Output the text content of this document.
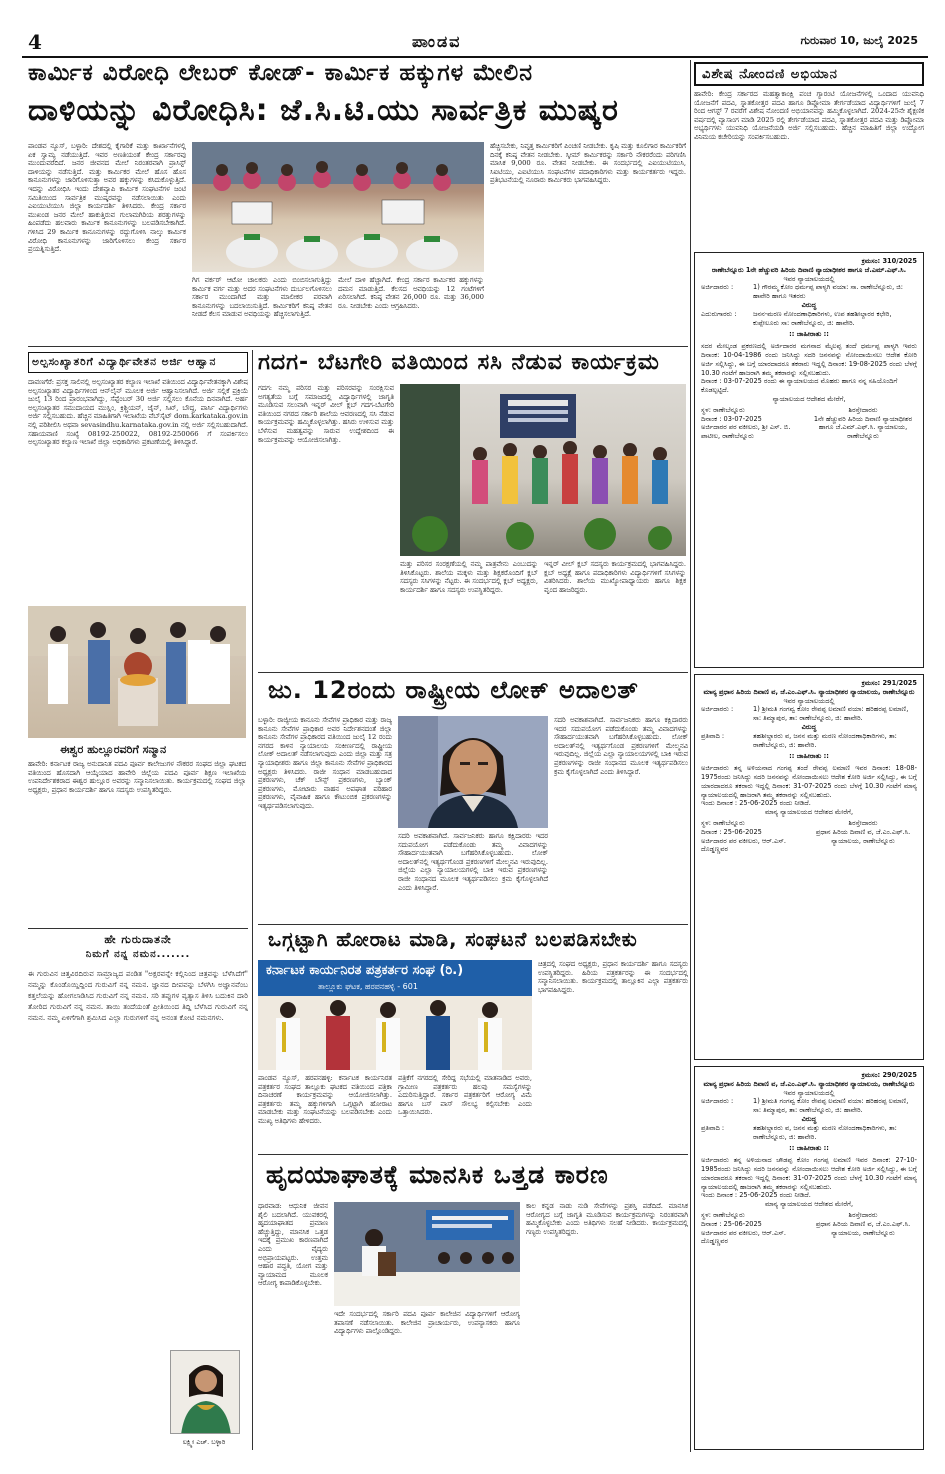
4	ಪಾಂಡವ	ಗುರುವಾರ 10, ಜುಲೈ 2025
ಕಾರ್ಮಿಕ ವಿರೋಧಿ ಲೇಬರ್ ಕೋಡ್- ಕಾರ್ಮಿಕ ಹಕ್ಕುಗಳ ಮೇಲಿನ
ದಾಳಿಯನ್ನು ವಿರೋಧಿಸಿ: ಜೆ.ಸಿ.ಟಿ.ಯು ಸಾರ್ವತ್ರಿಕ ಮುಷ್ಕರ
ಪಾಂಡವ ನ್ಯೂಸ್, ಬಳ್ಳಾರಿ: ದೇಶದಲ್ಲಿ ಕೈಗಾರಿಕೆ ಮತ್ತು ಕಾರ್ಖಾನೆಗಳಲ್ಲಿ ಏಕ ಸ್ವಾಮ್ಯ ನಡೆಯುತ್ತಿದೆ. ಇವರ ಅಣತಿಯಂತೆ ಕೇಂದ್ರ ಸರ್ಕಾರವು ಮುಂದುವರೆದಿದೆ. ಜನರ ಜೀವನದ ಮೇಲೆ ನಿರಂತರವಾಗಿ ಪ್ರಾಸಿಸ್ಟ್ ದಾಳಿಯನ್ನು ನಡೆಸುತ್ತಿದೆ. ಮತ್ತು ಕಾರ್ಮಿಕರ ಮೇಲೆ ಹೊಸ ಹೊಸ ಕಾನೂನುಗಳನ್ನು ಜಾರಿಗೊಳಿಸುತ್ತಾ ಅವರ ಹಕ್ಕುಗಳನ್ನು ಕಸಿದುಕೊಳ್ಳುತ್ತಿದೆ. ಇದನ್ನು ವಿರೋಧಿಸಿ ಇಂದು ದೇಶವ್ಯಾಪಿ ಕಾರ್ಮಿಕ ಸಂಘಟನೆಗಳ ಜಂಟಿ ಸಮಿತಿಯಿಂದ ಸಾರ್ವತ್ರಿಕ ಮುಷ್ಕರವನ್ನು ನಡೆಸಲಾಯಿತು ಎಂದು ಎಐಯುಟಿಯುಸಿ ಜಿಲ್ಲಾ ಕಾರ್ಯದರ್ಶಿ ತಿಳಿಸಿದರು. ಕೇಂದ್ರ ಸರ್ಕಾರ ಮುಖಂಡ ಜನರ ಮೇಲೆ ಹಾಕುತ್ತಿರುವ ಗುಲಾಮಗಿರಿಯ ಶರತ್ತುಗಳನ್ನು ಹಿಂಪಡೆದು ಹಲವಾರು ಕಾರ್ಮಿಕ ಕಾನೂನುಗಳನ್ನು ಬಲಪಡಿಸಬೇಕಾಗಿದೆ. ಗಳಿಸಿದ 29 ಕಾರ್ಮಿಕ ಕಾನೂನುಗಳನ್ನು ರದ್ದುಗೊಳಿಸಿ ನಾಲ್ಕು ಕಾರ್ಮಿಕ ವಿರೋಧಿ ಕಾನೂನುಗಳನ್ನು ಜಾರಿಗೊಳಿಸಲು ಕೇಂದ್ರ ಸರ್ಕಾರ ಪ್ರಯತ್ನಿಸುತ್ತಿದೆ.
ಗಿಗ ವರ್ಕರ್ ಆಟೋ ಚಾಲಕರು ಎಂದು ಬಿಂಬಿಸಲಾಗುತ್ತಿದ್ದು ಕಾರ್ಮಿಕ ವರ್ಗ ಮತ್ತು ಅದರ ಸಂಘಟನೆಗಳು ದುರ್ಬಲಗೊಳಿಸಲು ಸರ್ಕಾರ ಮುಂದಾಗಿದೆ ಮತ್ತು ಮಾಲೀಕರ ಪರವಾಗಿ ಕಾನೂನುಗಳನ್ನು ಬದಲಾಯಿಸುತ್ತಿದೆ. ಕಾರ್ಮಿಕರಿಗೆ ಕನಿಷ್ಠ ವೇತನ ನೀಡದೆ ಕೆಲಸ ಮಾಡುವ ಅವಧಿಯನ್ನು ಹೆಚ್ಚಿಸಲಾಗುತ್ತಿದೆ.
ಮೇಲೆ ದಾಳಿ ಹೆಚ್ಚಾಗಿದೆ. ಕೇಂದ್ರ ಸರ್ಕಾರ ಕಾರ್ಮಿಕರ ಹಕ್ಕುಗಳನ್ನು ದಮನ ಮಾಡುತ್ತಿದೆ. ಕೆಲಸದ ಅವಧಿಯನ್ನು 12 ಗಂಟೆಗಳಿಗೆ ಏರಿಸಲಾಗಿದೆ. ಕನಿಷ್ಠ ವೇತನ 26,000 ರೂ. ಮತ್ತು 36,000 ರೂ. ನೀಡಬೇಕು ಎಂದು ಆಗ್ರಹಿಸಿದರು.
ಹೆಚ್ಚಿಸಬೇಕು, ನಿವೃತ್ತ ಕಾರ್ಮಿಕರಿಗೆ ಪಿಂಚಣಿ ನೀಡಬೇಕು. ಕೃಷಿ ಮತ್ತು ಕೂಲಿಗಾರ ಕಾರ್ಮಿಕರಿಗೆ ದಿನಕ್ಕೆ ಕನಿಷ್ಠ ವೇತನ ನೀಡಬೇಕು. ಸ್ಕೀಮ್ ಕಾರ್ಮಿಕರನ್ನು ಸರ್ಕಾರಿ ನೌಕರರೆಂದು ಪರಿಗಣಿಸಿ ಮಾಸಿಕ 9,000 ರೂ. ವೇತನ ನೀಡಬೇಕು. ಈ ಸಂದರ್ಭದಲ್ಲಿ ಎಐಯುಟಿಯುಸಿ, ಸಿಐಟಿಯು, ಎಐಟಿಯುಸಿ ಸಂಘಟನೆಗಳ ಪದಾಧಿಕಾರಿಗಳು ಮತ್ತು ಕಾರ್ಯಕರ್ತರು ಇದ್ದರು. ಪ್ರತಿಭಟನೆಯಲ್ಲಿ ನೂರಾರು ಕಾರ್ಮಿಕರು ಭಾಗವಹಿಸಿದ್ದರು.
ವಿಶೇಷ ನೋಂದಣಿ ಅಭಿಯಾನ
ಹಾವೇರಿ: ಕೇಂದ್ರ ಸರ್ಕಾರದ ಮಹತ್ವಾಕಾಂಕ್ಷಿ ಪಂಚ ಗ್ಯಾರಂಟಿ ಯೋಜನೆಗಳಲ್ಲಿ ಒಂದಾದ ಯುವನಿಧಿ ಯೋಜನೆಗೆ ಪದವಿ, ಸ್ನಾತಕೋತ್ತರ ಪದವಿ ಹಾಗೂ ಡಿಪ್ಲೋಮಾ ತೇರ್ಗಡೆಯಾದ ವಿದ್ಯಾರ್ಥಿಗಳಿಗೆ ಜುಲೈ 7 ರಿಂದ ಆಗಸ್ಟ್ 7 ರವರೆಗೆ ವಿಶೇಷ ನೋಂದಣಿ ಅಭಿಯಾನವನ್ನು ಹಮ್ಮಿಕೊಳ್ಳಲಾಗಿದೆ. 2024-25ನೇ ಶೈಕ್ಷಣಿಕ ವರ್ಷದಲ್ಲಿ ವ್ಯಾಸಾಂಗ ಮಾಡಿ 2025 ರಲ್ಲಿ ತೇರ್ಗಡೆಯಾದ ಪದವಿ, ಸ್ನಾತಕೋತ್ತರ ಪದವಿ ಮತ್ತು ಡಿಪ್ಲೋಮಾ ಅಭ್ಯರ್ಥಿಗಳು ಯುವನಿಧಿ ಯೋಜನೆಯಡಿ ಅರ್ಜಿ ಸಲ್ಲಿಸಬಹುದು. ಹೆಚ್ಚಿನ ಮಾಹಿತಿಗೆ ಜಿಲ್ಲಾ ಉದ್ಯೋಗ ವಿನಿಮಯ ಕಚೇರಿಯನ್ನು ಸಂಪರ್ಕಿಸಬಹುದು.
ಕ್ರಮಸಂ: 310/2025
ರಾಣೇಬೆನ್ನೂರು 1ನೇ ಹೆಚ್ಚುವರಿ ಹಿರಿಯ ದಿವಾಣಿ ನ್ಯಾಯಾಧೀಶರ ಹಾಗೂ ಜೆ.ಎಮ್.ಎಫ್.ಸಿ.
ಇವರ ನ್ಯಾಯಾಲಯದಲ್ಲಿ
ಅರ್ಜಿದಾರರು :	1) ಗೌರಮ್ಮ ಕೋಂ ಧರ್ಮಪ್ಪ ಪಾಳ್ಯಗಿ ವಯಾ: ಸಾ. ರಾಣೇಬೆನ್ನೂರು, ಜಿ: ಹಾವೇರಿ ಹಾಗೂ ಇತರರು
ವಿರುದ್ಧ
ಎದುರುಗಾರರು :	ಜನನ-ಮರಣ ನೋಂದಣಾಧಿಕಾರಿಗಳು, ಉಪ ತಹಶೀಲ್ದಾರರ ಕಛೇರಿ, ಕುಪ್ಪೇಲೂರು ಸಾ: ರಾಣೇಬೆನ್ನೂರು, ಜಿ: ಹಾವೇರಿ.
:: ಜಾಹೀರಾತು ::
ಸದರ ಮೇಲ್ಕಂಡ ಪ್ರಕರಣದಲ್ಲಿ ಅರ್ಜಿದಾರರ ಮಗನಾದ ಮೈಲಪ್ಪ ತಂದೆ ಧರ್ಮಪ್ಪ ಪಾಳ್ಯಗಿ ಇವರು ದಿನಾಂಕ: 10-04-1986 ರಂದು ಜನಿಸಿದ್ದು ಸದರಿ ಜನನವನ್ನು ನೋಂದಾಯಿಸಲು ಆದೇಶ ಕೋರಿ ಅರ್ಜಿ ಸಲ್ಲಿಸಿದ್ದು, ಈ ಬಗ್ಗೆ ಯಾರದಾದರೂ ತಕರಾರು ಇದ್ದಲ್ಲಿ ದಿನಾಂಕ: 19-08-2025 ರಂದು ಬೆಳಗ್ಗೆ 10.30 ಗಂಟೆಗೆ ಹಾಜರಾಗಿ ತಮ್ಮ ತಕರಾರನ್ನು ಸಲ್ಲಿಸಬಹುದು.
ದಿನಾಂಕ : 03-07-2025 ರಂದು ಈ ನ್ಯಾಯಾಲಯದ ಮೊಹರು ಹಾಗೂ ನನ್ನ ಸಹಿಯೊಂದಿಗೆ ಕೊಡಲ್ಪಟ್ಟಿದೆ.
ನ್ಯಾಯಾಲಯದ ಆದೇಶದ ಮೇರೆಗೆ,
ಸ್ಥಳ: ರಾಣೇಬೆನ್ನೂರು
ದಿನಾಂಕ : 03-07-2025
ಅರ್ಜಿದಾರರ ಪರ ವಕೀಲರು, ಶ್ರೀ ಎಸ್. ಬಿ. ಪಾಟೀಲ, ರಾಣೇಬೆನ್ನೂರು
ಶಿರಸ್ತೇದಾರರು
1ನೇ ಹೆಚ್ಚುವರಿ ಹಿರಿಯ ದಿವಾಣಿ ನ್ಯಾಯಾಧೀಶರ ಹಾಗೂ ಜೆ.ಎಮ್.ಎಫ್.ಸಿ. ನ್ಯಾಯಾಲಯ, ರಾಣೇಬೆನ್ನೂರು
ಕ್ರಮಸಂ: 291/2025
ಮಾನ್ಯ ಪ್ರಧಾನ ಹಿರಿಯ ದಿವಾಣಿ ವ, ಜೆ.ಎಂ.ಎಫ್.ಸಿ. ನ್ಯಾಯಾಧೀಶರ ನ್ಯಾಯಾಲಯ, ರಾಣೇಬೆನ್ನೂರು
ಇವರ ನ್ಯಾಯಾಲಯದಲ್ಲಿ
ಅರ್ಜಿದಾರರು :	1) ಶ್ರೀಮತಿ ಗಂಗವ್ವ ಕೋಂ ರೇವಪ್ಪ ಲಮಾಣಿ ವಯಾ: ಹರಿಹರಪ್ಪ ಲಮಾಣಿ, ಸಾ: ತಿಮ್ಮಾಪುರ, ತಾ: ರಾಣೇಬೆನ್ನೂರು, ಜಿ: ಹಾವೇರಿ.
ವಿರುದ್ಧ
ಪ್ರತಿವಾದಿ :	ತಹಶೀಲ್ದಾರರು ವ, ಜನನ ಮತ್ತು ಮರಣ ನೋಂದಣಾಧಿಕಾರಿಗಳು, ತಾ: ರಾಣೇಬೆನ್ನೂರು, ಜಿ: ಹಾವೇರಿ.
:: ಜಾಹೀರಾತು ::
ಅರ್ಜಿದಾರರು ತನ್ನ ಅಳಿಯನಾದ ಗಂಗಪ್ಪ ತಂದೆ ರೇವಪ್ಪ ಲಮಾಣಿ ಇವರ ದಿನಾಂಕ: 18-08-1975ರಂದು ಜನಿಸಿದ್ದು ಸದರಿ ಜನನವನ್ನು ನೋಂದಾಯಿಸಲು ಆದೇಶ ಕೋರಿ ಅರ್ಜಿ ಸಲ್ಲಿಸಿದ್ದು, ಈ ಬಗ್ಗೆ ಯಾರದಾದರೂ ತಕರಾರು ಇದ್ದಲ್ಲಿ ದಿನಾಂಕ: 31-07-2025 ರಂದು ಬೆಳಗ್ಗೆ 10.30 ಗಂಟೆಗೆ ಮಾನ್ಯ ನ್ಯಾಯಾಲಯದಲ್ಲಿ ಹಾಜರಾಗಿ ತಮ್ಮ ತಕರಾರನ್ನು ಸಲ್ಲಿಸಬಹುದು.
ಇಂದು ದಿನಾಂಕ : 25-06-2025 ರಂದು ನೀಡಿದೆ.
ಮಾನ್ಯ ನ್ಯಾಯಾಲಯದ ಆದೇಶದ ಮೇರೆಗೆ,
ಸ್ಥಳ: ರಾಣೇಬೆನ್ನೂರು
ದಿನಾಂಕ : 25-06-2025
ಅರ್ಜಿದಾರರ ಪರ ವಕೀಲರು, ಆರ್.ಎಸ್. ದೊಡ್ಡಣ್ಣವರ
ಶಿರಸ್ತೇದಾರರು
ಪ್ರಧಾನ ಹಿರಿಯ ದಿವಾಣಿ ವ, ಜೆ.ಎಂ.ಎಫ್.ಸಿ. ನ್ಯಾಯಾಲಯ, ರಾಣೇಬೆನ್ನೂರು
ಕ್ರಮಸಂ: 290/2025
ಮಾನ್ಯ ಪ್ರಧಾನ ಹಿರಿಯ ದಿವಾಣಿ ವ, ಜೆ.ಎಂ.ಎಫ್.ಸಿ. ನ್ಯಾಯಾಧೀಶರ ನ್ಯಾಯಾಲಯ, ರಾಣೇಬೆನ್ನೂರು
ಇವರ ನ್ಯಾಯಾಲಯದಲ್ಲಿ
ಅರ್ಜಿದಾರರು :	1) ಶ್ರೀಮತಿ ಗಂಗವ್ವ ಕೋಂ ರೇವಪ್ಪ ಲಮಾಣಿ ವಯಾ: ಹರಿಹರಪ್ಪ ಲಮಾಣಿ, ಸಾ: ತಿಮ್ಮಾಪುರ, ತಾ: ರಾಣೇಬೆನ್ನೂರು, ಜಿ: ಹಾವೇರಿ.
ವಿರುದ್ಧ
ಪ್ರತಿವಾದಿ :	ತಹಶೀಲ್ದಾರರು ವ, ಜನನ ಮತ್ತು ಮರಣ ನೋಂದಣಾಧಿಕಾರಿಗಳು, ತಾ: ರಾಣೇಬೆನ್ನೂರು, ಜಿ: ಹಾವೇರಿ.
:: ಜಾಹೀರಾತು ::
ಅರ್ಜಿದಾರರು ತನ್ನ ಅಳಿಯನಾದ ಚೌಡಪ್ಪ ಕೋಂ ಗಂಗಪ್ಪ ಲಮಾಣಿ ಇವರ ದಿನಾಂಕ: 27-10-1985ರಂದು ಜನಿಸಿದ್ದು ಸದರಿ ಜನನವನ್ನು ನೋಂದಾಯಿಸಲು ಆದೇಶ ಕೋರಿ ಅರ್ಜಿ ಸಲ್ಲಿಸಿದ್ದು, ಈ ಬಗ್ಗೆ ಯಾರದಾದರೂ ತಕರಾರು ಇದ್ದಲ್ಲಿ ದಿನಾಂಕ: 31-07-2025 ರಂದು ಬೆಳಗ್ಗೆ 10.30 ಗಂಟೆಗೆ ಮಾನ್ಯ ನ್ಯಾಯಾಲಯದಲ್ಲಿ ಹಾಜರಾಗಿ ತಮ್ಮ ತಕರಾರನ್ನು ಸಲ್ಲಿಸಬಹುದು.
ಇಂದು ದಿನಾಂಕ : 25-06-2025 ರಂದು ನೀಡಿದೆ.
ಮಾನ್ಯ ನ್ಯಾಯಾಲಯದ ಆದೇಶದ ಮೇರೆಗೆ,
ಸ್ಥಳ: ರಾಣೇಬೆನ್ನೂರು
ದಿನಾಂಕ : 25-06-2025
ಅರ್ಜಿದಾರರ ಪರ ವಕೀಲರು, ಆರ್.ಎಸ್. ದೊಡ್ಡಣ್ಣವರ
ಶಿರಸ್ತೇದಾರರು
ಪ್ರಧಾನ ಹಿರಿಯ ದಿವಾಣಿ ವ, ಜೆ.ಎಂ.ಎಫ್.ಸಿ. ನ್ಯಾಯಾಲಯ, ರಾಣೇಬೆನ್ನೂರು
ಅಲ್ಪಸಂಖ್ಯಾತರಿಗೆ ವಿದ್ಯಾರ್ಥಿವೇತನ ಅರ್ಜಿ ಆಹ್ವಾನ
ದಾವಣಗೆರೆ: ಪ್ರಸಕ್ತ ಸಾಲಿನಲ್ಲಿ ಅಲ್ಪಸಂಖ್ಯಾತರ ಕಲ್ಯಾಣ ಇಲಾಖೆ ವತಿಯಿಂದ ವಿದ್ಯಾರ್ಥಿವೇತನಕ್ಕಾಗಿ ವಿಶೇಷ ಅಲ್ಪಸಂಖ್ಯಾತರ ವಿದ್ಯಾರ್ಥಿಗಳಿಂದ ಆನ್‌ಲೈನ್ ಮೂಲಕ ಅರ್ಜಿ ಆಹ್ವಾನಿಸಲಾಗಿದೆ. ಅರ್ಜಿ ಸಲ್ಲಿಕೆ ಪ್ರಕ್ರಿಯೆ ಜುಲೈ 13 ರಿಂದ ಪ್ರಾರಂಭವಾಗಿದ್ದು, ಸೆಪ್ಟೆಂಬರ್ 30 ಅರ್ಜಿ ಸಲ್ಲಿಸಲು ಕೊನೆಯ ದಿನವಾಗಿದೆ. ಅರ್ಹ ಅಲ್ಪಸಂಖ್ಯಾತರ ಸಮುದಾಯದ ಮುಸ್ಲಿಂ, ಕ್ರಿಶ್ಚಿಯನ್, ಜೈನ್, ಸಿಖ್, ಬೌದ್ಧ, ಪಾರ್ಸಿ ವಿದ್ಯಾರ್ಥಿಗಳು ಅರ್ಜಿ ಸಲ್ಲಿಸಬಹುದು. ಹೆಚ್ಚಿನ ಮಾಹಿತಿಗಾಗಿ ಇಲಾಖೆಯ ವೆಬ್‌ಸೈಟ್ dom.karkataka.gov.in ನಲ್ಲಿ ಪರಿಶೀಲಿಸಿ ಅಥವಾ sevasindhu.karnataka.gov.in ನಲ್ಲಿ ಅರ್ಜಿ ಸಲ್ಲಿಸಬಹುದಾಗಿದೆ. ಸಹಾಯವಾಣಿ ಸಂಖ್ಯೆ 08192-250022, 08192-250066 ಗೆ ಸಂಪರ್ಕಿಸಲು ಅಲ್ಪಸಂಖ್ಯಾತರ ಕಲ್ಯಾಣ ಇಲಾಖೆ ಜಿಲ್ಲಾ ಅಧಿಕಾರಿಗಳು ಪ್ರಕಟಣೆಯಲ್ಲಿ ತಿಳಿಸಿದ್ದಾರೆ.
ಈಶ್ವರ ಹುಲ್ಲೂರವರಿಗೆ ಸನ್ಮಾನ
ಹಾವೇರಿ: ಕರ್ನಾಟಕ ರಾಜ್ಯ ಅನುದಾನಿತ ಪದವಿ ಪೂರ್ವ ಕಾಲೇಜುಗಳ ನೌಕರರ ಸಂಘದ ಜಿಲ್ಲಾ ಘಟಕದ ವತಿಯಿಂದ ಹೊಸದಾಗಿ ಆಯ್ಕೆಯಾದ ಹಾವೇರಿ ಜಿಲ್ಲೆಯ ಪದವಿ ಪೂರ್ವ ಶಿಕ್ಷಣ ಇಲಾಖೆಯ ಉಪನಿರ್ದೇಶಕರಾದ ಈಶ್ವರ ಹುಲ್ಲೂರ ಅವರನ್ನು ಸನ್ಮಾನಿಸಲಾಯಿತು. ಕಾರ್ಯಕ್ರಮದಲ್ಲಿ ಸಂಘದ ಜಿಲ್ಲಾ ಅಧ್ಯಕ್ಷರು, ಪ್ರಧಾನ ಕಾರ್ಯದರ್ಶಿ ಹಾಗೂ ಸದಸ್ಯರು ಉಪಸ್ಥಿತರಿದ್ದರು.
ಹೇ ಗುರುದಾತನೇ
ನಿಮಗೆ ನನ್ನ ನಮನ.......
ಈ ಗುರುವಿನ ಚಿತ್ತವಿರದಿರುವ ಸಾಮ್ರಾಜ್ಯದ ಪಂಡಿತ "ಅಕ್ಷರವನ್ನೇ ಕಲ್ಲಿನಿಂದ ಚಿತ್ರವನ್ನು ಬೆಳೆಸಿದೆಗೆ" ನಮ್ಮನ್ನು ಕೊಂಡೊಯ್ದಿದ್ದಿಂದ ಗುರುವಿಗೆ ನನ್ನ ನಮನ. ಜ್ಞಾನದ ದೀಪವನ್ನು ಬೆಳಗಿಸಿ ಅಜ್ಞಾನವೆಂಬ ಕತ್ತಲೆಯನ್ನು ಹೋಗಲಾಡಿಸಿದ ಗುರುವಿಗೆ ನನ್ನ ನಮನ. ಸರಿ ತಪ್ಪುಗಳ ವ್ಯತ್ಯಾಸ ತಿಳಿಸಿ ಬದುಕಿನ ದಾರಿ ತೋರಿದ ಗುರುವಿಗೆ ನನ್ನ ನಮನ. ತಾಯಿ ತಂದೆಯಂತೆ ಪ್ರೀತಿಯಿಂದ ತಿದ್ದಿ ಬೆಳೆಸಿದ ಗುರುವಿಗೆ ನನ್ನ ನಮನ. ನಮ್ಮ ಏಳಿಗೆಗಾಗಿ ಶ್ರಮಿಸಿದ ಎಲ್ಲಾ ಗುರುಗಳಿಗೆ ನನ್ನ ಅನಂತ ಕೋಟಿ ನಮನಗಳು.
ಲಕ್ಷ್ಮೀ ಎಚ್. ಬಳ್ಳಾರಿ
ಗದಗ- ಬೆಟಗೇರಿ ವತಿಯಿಂದ ಸಸಿ ನೆಡುವ ಕಾರ್ಯಕ್ರಮ
ಗದಗ: ನಮ್ಮ ಪರಿಸರ ಮತ್ತು ಪರಿಸರವನ್ನು ಸಂರಕ್ಷಿಸುವ ಅಗತ್ಯತೆಯ ಬಗ್ಗೆ ಸಮಾಜದಲ್ಲಿ ವಿದ್ಯಾರ್ಥಿಗಳಲ್ಲಿ ಜಾಗೃತಿ ಮೂಡಿಸುವ ಸಲುವಾಗಿ ಇನ್ನರ್ ವೀಲ್ ಕ್ಲಬ್ ಗದಗ-ಬೆಟಗೇರಿ ವತಿಯಿಂದ ನಗರದ ಸರ್ಕಾರಿ ಶಾಲೆಯ ಆವರಣದಲ್ಲಿ ಸಸಿ ನೆಡುವ ಕಾರ್ಯಕ್ರಮವನ್ನು ಹಮ್ಮಿಕೊಳ್ಳಲಾಗಿತ್ತು. ಹಸಿರು ಉಳಿಸುವ ಮತ್ತು ಬೆಳೆಸುವ ಮಹತ್ವವನ್ನು ಸಾರುವ ಉದ್ದೇಶದಿಂದ ಈ ಕಾರ್ಯಕ್ರಮವನ್ನು ಆಯೋಜಿಸಲಾಗಿತ್ತು.
ಮತ್ತು ಪರಿಸರ ಸಂರಕ್ಷಣೆಯಲ್ಲಿ ನಮ್ಮ ಪಾತ್ರವೇನು ಎಂಬುದನ್ನು ತಿಳಿಸಿಕೊಟ್ಟರು. ಶಾಲೆಯ ಮಕ್ಕಳು ಮತ್ತು ಶಿಕ್ಷಕರೊಂದಿಗೆ ಕ್ಲಬ್ ಸದಸ್ಯರು ಸಸಿಗಳನ್ನು ನೆಟ್ಟರು. ಈ ಸಂದರ್ಭದಲ್ಲಿ ಕ್ಲಬ್ ಅಧ್ಯಕ್ಷರು, ಕಾರ್ಯದರ್ಶಿ ಹಾಗೂ ಸದಸ್ಯರು ಉಪಸ್ಥಿತರಿದ್ದರು.
ಇನ್ನರ್ ವೀಲ್ ಕ್ಲಬ್ ಸದಸ್ಯರು ಕಾರ್ಯಕ್ರಮದಲ್ಲಿ ಭಾಗವಹಿಸಿದ್ದರು. ಕ್ಲಬ್ ಅಧ್ಯಕ್ಷೆ ಹಾಗೂ ಪದಾಧಿಕಾರಿಗಳು ವಿದ್ಯಾರ್ಥಿಗಳಿಗೆ ಸಸಿಗಳನ್ನು ವಿತರಿಸಿದರು. ಶಾಲೆಯ ಮುಖ್ಯೋಪಾಧ್ಯಾಯರು ಹಾಗೂ ಶಿಕ್ಷಕ ವೃಂದ ಹಾಜರಿದ್ದರು.
ಜು. 12ರಂದು ರಾಷ್ಟ್ರೀಯ ಲೋಕ್ ಅದಾಲತ್
ಬಳ್ಳಾರಿ: ರಾಜ್ಯೀಯ ಕಾನೂನು ಸೇವೆಗಳ ಪ್ರಾಧಿಕಾರ ಮತ್ತು ರಾಜ್ಯ ಕಾನೂನು ಸೇವೆಗಳ ಪ್ರಾಧಿಕಾರ ಅವರ ನಿರ್ದೇಶನದಂತೆ ಜಿಲ್ಲಾ ಕಾನೂನು ಸೇವೆಗಳ ಪ್ರಾಧಿಕಾರದ ವತಿಯಿಂದ ಜುಲೈ 12 ರಂದು ನಗರದ ಕಾಳಿನ ನ್ಯಾಯಾಲಯ ಸಂಕೀರ್ಣದಲ್ಲಿ ರಾಷ್ಟ್ರೀಯ ಲೋಕ್ ಅದಾಲತ್ ನಡೆಸಲಾಗುವುದು ಎಂದು ಜಿಲ್ಲಾ ಮತ್ತು ಸತ್ರ ನ್ಯಾಯಾಧೀಶರು ಹಾಗೂ ಜಿಲ್ಲಾ ಕಾನೂನು ಸೇವೆಗಳ ಪ್ರಾಧಿಕಾರದ ಅಧ್ಯಕ್ಷರು ತಿಳಿಸಿದರು. ರಾಜೀ ಸಂಧಾನ ಮಾಡಬಹುದಾದ ಪ್ರಕರಣಗಳು, ಚೆಕ್ ಬೌನ್ಸ್ ಪ್ರಕರಣಗಳು, ಬ್ಯಾಂಕ್ ಪ್ರಕರಣಗಳು, ಮೋಟಾರು ವಾಹನ ಅಪಘಾತ ಪರಿಹಾರ ಪ್ರಕರಣಗಳು, ವೈವಾಹಿಕ ಹಾಗೂ ಕೌಟುಂಬಿಕ ಪ್ರಕರಣಗಳನ್ನು ಇತ್ಯರ್ಥಪಡಿಸಲಾಗುವುದು.
ಸದರಿ ಅವಕಾಶವಾಗಿದೆ. ಸಾರ್ವಜನಿಕರು ಹಾಗೂ ಕಕ್ಷಿದಾರರು ಇದರ ಸದುಪಯೋಗ ಪಡೆದುಕೊಂಡು ತಮ್ಮ ವಿವಾದಗಳನ್ನು ಸೌಹಾರ್ದಯುತವಾಗಿ ಬಗೆಹರಿಸಿಕೊಳ್ಳಬಹುದು. ಲೋಕ್ ಅದಾಲತ್‌ನಲ್ಲಿ ಇತ್ಯರ್ಥಗೊಂಡ ಪ್ರಕರಣಗಳಿಗೆ ಮೇಲ್ಮನವಿ ಇರುವುದಿಲ್ಲ. ಜಿಲ್ಲೆಯ ಎಲ್ಲಾ ನ್ಯಾಯಾಲಯಗಳಲ್ಲಿ ಬಾಕಿ ಇರುವ ಪ್ರಕರಣಗಳನ್ನು ರಾಜೀ ಸಂಧಾನದ ಮೂಲಕ ಇತ್ಯರ್ಥಪಡಿಸಲು ಕ್ರಮ ಕೈಗೊಳ್ಳಲಾಗಿದೆ ಎಂದು ತಿಳಿಸಿದ್ದಾರೆ.
ಸದರಿ ಅವಕಾಶವಾಗಿದೆ. ಸಾರ್ವಜನಿಕರು ಹಾಗೂ ಕಕ್ಷಿದಾರರು ಇದರ ಸದುಪಯೋಗ ಪಡೆದುಕೊಂಡು ತಮ್ಮ ವಿವಾದಗಳನ್ನು ಸೌಹಾರ್ದಯುತವಾಗಿ ಬಗೆಹರಿಸಿಕೊಳ್ಳಬಹುದು. ಲೋಕ್ ಅದಾಲತ್‌ನಲ್ಲಿ ಇತ್ಯರ್ಥಗೊಂಡ ಪ್ರಕರಣಗಳಿಗೆ ಮೇಲ್ಮನವಿ ಇರುವುದಿಲ್ಲ. ಜಿಲ್ಲೆಯ ಎಲ್ಲಾ ನ್ಯಾಯಾಲಯಗಳಲ್ಲಿ ಬಾಕಿ ಇರುವ ಪ್ರಕರಣಗಳನ್ನು ರಾಜೀ ಸಂಧಾನದ ಮೂಲಕ ಇತ್ಯರ್ಥಪಡಿಸಲು ಕ್ರಮ ಕೈಗೊಳ್ಳಲಾಗಿದೆ ಎಂದು ತಿಳಿಸಿದ್ದಾರೆ.
ಒಗ್ಗಟ್ಟಾಗಿ ಹೋರಾಟ ಮಾಡಿ, ಸಂಘಟನೆ ಬಲಪಡಿಸಬೇಕು
ಕರ್ನಾಟಕ ಕಾರ್ಯನಿರತ ಪತ್ರಕರ್ತರ ಸಂಘ (ರಿ.)
ತಾಲ್ಲೂಕು ಘಟಕ, ಹರಪನಹಳ್ಳಿ - 601
ಚಿತ್ರದಲ್ಲಿ ಸಂಘದ ಅಧ್ಯಕ್ಷರು, ಪ್ರಧಾನ ಕಾರ್ಯದರ್ಶಿ ಹಾಗೂ ಸದಸ್ಯರು ಉಪಸ್ಥಿತರಿದ್ದರು. ಹಿರಿಯ ಪತ್ರಕರ್ತರನ್ನು ಈ ಸಂದರ್ಭದಲ್ಲಿ ಸನ್ಮಾನಿಸಲಾಯಿತು. ಕಾರ್ಯಕ್ರಮದಲ್ಲಿ ತಾಲ್ಲೂಕಿನ ಎಲ್ಲಾ ಪತ್ರಕರ್ತರು ಭಾಗವಹಿಸಿದ್ದರು.
ಪಾಂಡವ ನ್ಯೂಸ್, ಹರಪನಹಳ್ಳಿ: ಕರ್ನಾಟಕ ಕಾರ್ಯನಿರತ ಪತ್ರಕರ್ತರ ಸಂಘದ ತಾಲ್ಲೂಕು ಘಟಕದ ವತಿಯಿಂದ ಪತ್ರಿಕಾ ದಿನಾಚರಣೆ ಕಾರ್ಯಕ್ರಮವನ್ನು ಆಯೋಜಿಸಲಾಗಿತ್ತು. ಪತ್ರಕರ್ತರು ತಮ್ಮ ಹಕ್ಕುಗಳಿಗಾಗಿ ಒಗ್ಗಟ್ಟಾಗಿ ಹೋರಾಟ ಮಾಡಬೇಕು ಮತ್ತು ಸಂಘಟನೆಯನ್ನು ಬಲಪಡಿಸಬೇಕು ಎಂದು ಮುಖ್ಯ ಅತಿಥಿಗಳು ಹೇಳಿದರು.
ಪತ್ರಿಕೆಗೆ ನಗರದಲ್ಲಿ ಸೇರಿದ್ದ ಸಭೆಯಲ್ಲಿ ಮಾತನಾಡಿದ ಅವರು, ಗ್ರಾಮೀಣ ಪತ್ರಕರ್ತರು ಹಲವು ಸಮಸ್ಯೆಗಳನ್ನು ಎದುರಿಸುತ್ತಿದ್ದಾರೆ. ಸರ್ಕಾರ ಪತ್ರಕರ್ತರಿಗೆ ಆರೋಗ್ಯ ವಿಮೆ ಹಾಗೂ ಬಸ್ ಪಾಸ್ ಸೌಲಭ್ಯ ಕಲ್ಪಿಸಬೇಕು ಎಂದು ಒತ್ತಾಯಿಸಿದರು.
ಹೃದಯಾಘಾತಕ್ಕೆ ಮಾನಸಿಕ ಒತ್ತಡ ಕಾರಣ
ಧಾರವಾಡ: ಆಧುನಿಕ ಜೀವನ ಶೈಲಿ ಬದಲಾಗಿದೆ. ಯುವಕರಲ್ಲಿ ಹೃದಯಾಘಾತದ ಪ್ರಮಾಣ ಹೆಚ್ಚುತ್ತಿದ್ದು, ಮಾನಸಿಕ ಒತ್ತಡ ಇದಕ್ಕೆ ಪ್ರಮುಖ ಕಾರಣವಾಗಿದೆ ಎಂದು ವೈದ್ಯರು ಅಭಿಪ್ರಾಯಪಟ್ಟರು. ಉತ್ತಮ ಆಹಾರ ಪದ್ಧತಿ, ಯೋಗ ಮತ್ತು ವ್ಯಾಯಾಮದ ಮೂಲಕ ಆರೋಗ್ಯ ಕಾಪಾಡಿಕೊಳ್ಳಬೇಕು.
ಇದೇ ಸಂದರ್ಭದಲ್ಲಿ ಸರ್ಕಾರಿ ಪದವಿ ಪೂರ್ವ ಕಾಲೇಜಿನ ವಿದ್ಯಾರ್ಥಿಗಳಿಗೆ ಆರೋಗ್ಯ ತಪಾಸಣೆ ನಡೆಸಲಾಯಿತು. ಕಾಲೇಜಿನ ಪ್ರಾಚಾರ್ಯರು, ಉಪನ್ಯಾಸಕರು ಹಾಗೂ ವಿದ್ಯಾರ್ಥಿಗಳು ಪಾಲ್ಗೊಂಡಿದ್ದರು.
ಕಾಲ ಕನ್ನಡ ನಾಡು ನುಡಿ ಸೇವೆಗಳನ್ನು ಪ್ರಶಸ್ತಿ ಪಡೆದಿದೆ. ಮಾನಸಿಕ ಆರೋಗ್ಯದ ಬಗ್ಗೆ ಜಾಗೃತಿ ಮೂಡಿಸುವ ಕಾರ್ಯಕ್ರಮಗಳನ್ನು ನಿರಂತರವಾಗಿ ಹಮ್ಮಿಕೊಳ್ಳಬೇಕು ಎಂದು ಅತಿಥಿಗಳು ಸಲಹೆ ನೀಡಿದರು. ಕಾರ್ಯಕ್ರಮದಲ್ಲಿ ಗಣ್ಯರು ಉಪಸ್ಥಿತರಿದ್ದರು.
